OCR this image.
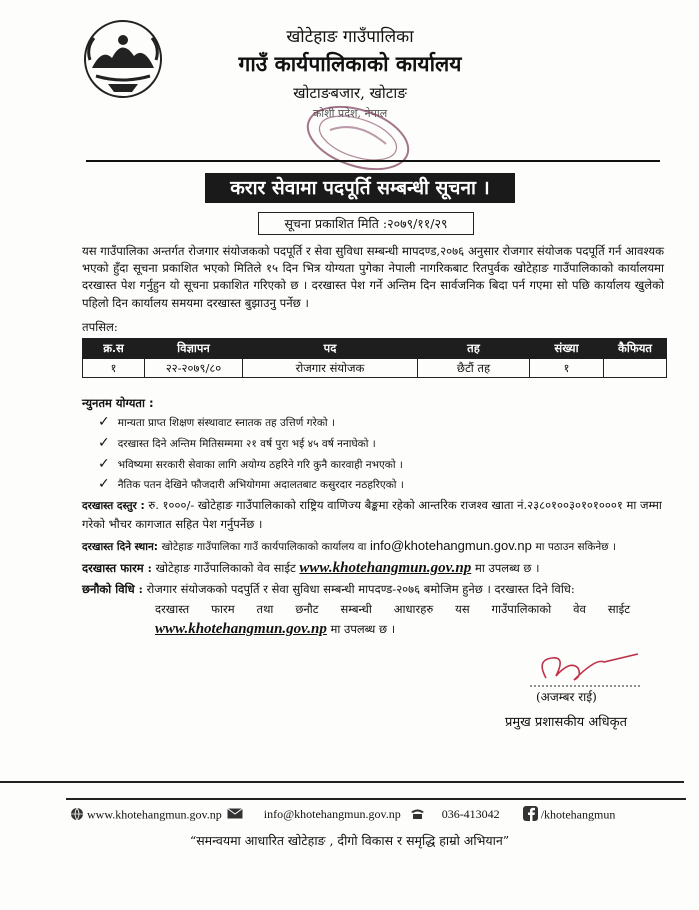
खोटेहाङ गाउँपालिका
गाउँ कार्यपालिकाको कार्यालय
खोटाङबजार, खोटाङ
कोशी प्रदेश, नेपाल
करार सेवामा पदपूर्ति सम्बन्धी सूचना ।
सूचना प्रकाशित मिति :२०७९/११/२९
यस गाउँपालिका अन्तर्गत रोजगार संयोजकको पदपूर्ति र सेवा सुविधा सम्बन्धी मापदण्ड,२०७६ अनुसार रोजगार संयोजक पदपूर्ति गर्न आवश्यक भएको हुँदा सूचना प्रकाशित भएको मितिले १५ दिन भित्र योग्यता पुगेका नेपाली नागरिकबाट रितपुर्वक खोटेहाङ गाउँपालिकाको कार्यालयमा दरखास्त पेश गर्नुहुन यो सूचना प्रकाशित गरिएको छ । दरखास्त पेश गर्ने अन्तिम दिन सार्वजनिक बिदा पर्न गएमा सो पछि कार्यालय खुलेको पहिलो दिन कार्यालय समयमा दरखास्त बुझाउनु पर्नेछ ।
तपसिल:
क्र.स	विज्ञापन	पद	तह	संख्या	कैफियत
१	२२-२०७९/८०	रोजगार संयोजक	छैटौं तह	१	
न्युनतम योग्यता :
✓ मान्यता प्राप्त शिक्षण संस्थावाट स्नातक तह उत्तिर्ण गरेको ।
✓ दरखास्त दिने अन्तिम मितिसम्ममा २१ वर्ष पुरा भई ४५ वर्ष ननाघेको ।
✓ भविष्यमा सरकारी सेवाका लागि अयोग्य ठहरिने गरि कुनै कारवाही नभएको ।
✓ नैतिक पतन देखिने फौजदारी अभियोगमा अदालतबाट कसुरदार नठहरिएको ।
दरखास्त दस्तुर : रु. १०००/- खोटेहाङ गाउँपालिकाको राष्ट्रिय वाणिज्य बैङ्कमा रहेको आन्तरिक राजश्व खाता नं.२३८०१००३०१०१०००१ मा जम्मा गरेको भौचर कागजात सहित पेश गर्नुपर्नेछ ।
दरखास्त दिने स्थान: खोटेहाङ गाउँपालिका गाउँ कार्यपालिकाको कार्यालय वा info@khotehangmun.gov.np मा पठाउन सकिनेछ ।
दरखास्त फारम : खोटेहाङ गाउँपालिकाको वेव साईट www.khotehangmun.gov.np मा उपलब्ध छ ।
छनौको विधि : रोजगार संयोजकको पदपुर्ति र सेवा सुविधा सम्बन्धी मापदण्ड-२०७६ बमोजिम हुनेछ । दरखास्त दिने विधि:
दरखास्त      फारम      तथा      छनौट      सम्बन्धी      आधारहरु      यस      गाउँपालिकाको      वेव      साईट
www.khotehangmun.gov.np मा उपलब्ध छ ।
(अजम्बर राई)
प्रमुख प्रशासकीय अधिकृत
www.khotehangmun.gov.np	info@khotehangmun.gov.np	036-413042	/khotehangmun
“समन्वयमा आधारित खोटेहाङ , दीगो विकास र समृद्धि हाम्रो अभियान”
